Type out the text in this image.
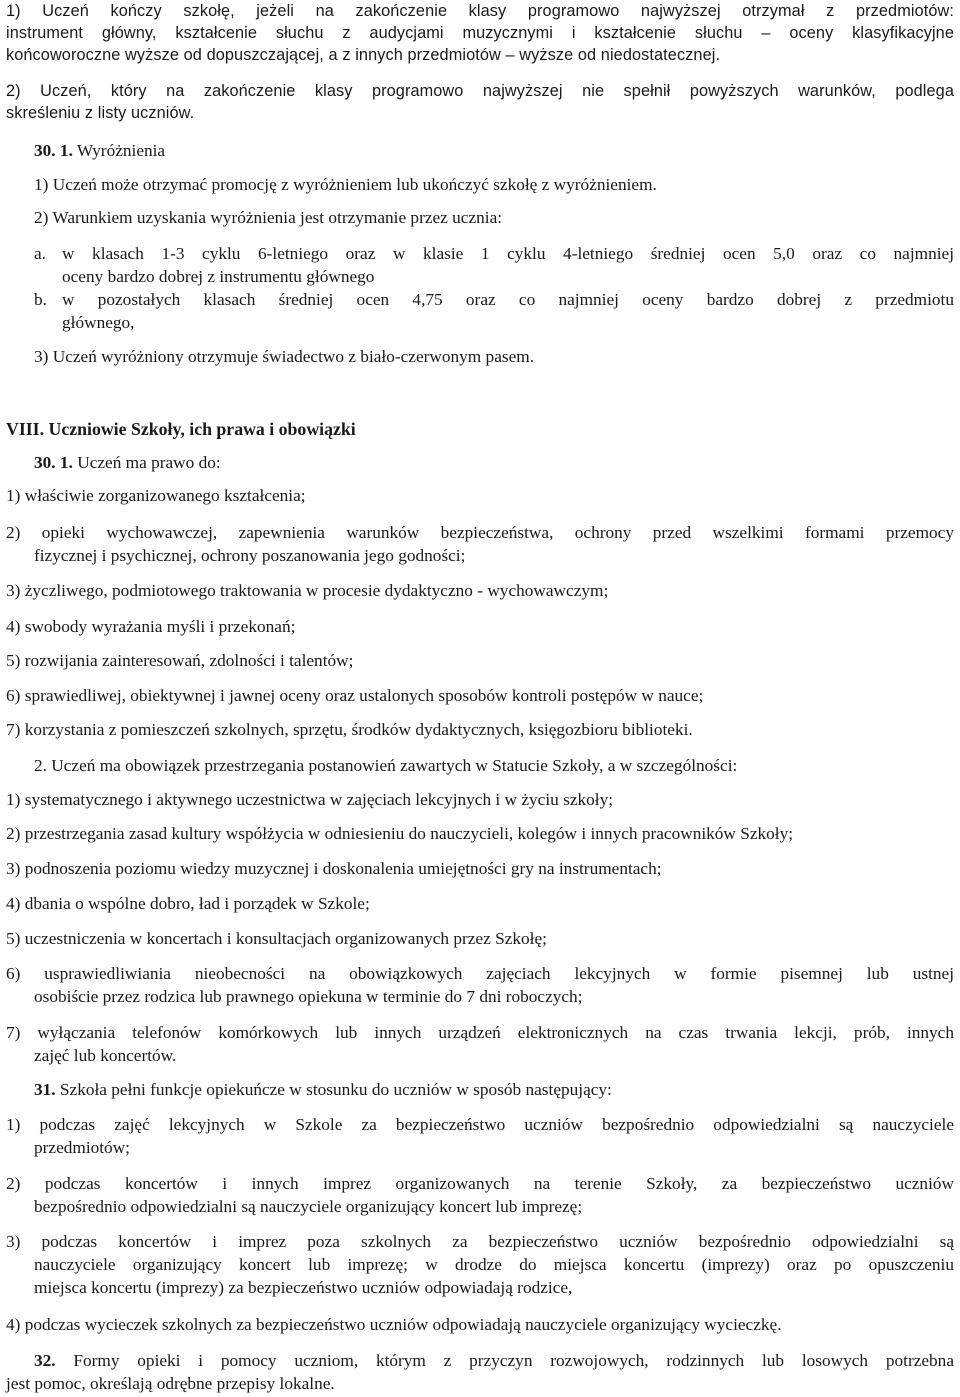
1) Uczeń kończy szkołę, jeżeli na zakończenie klasy programowo najwyższej otrzymał z przedmiotów:
instrument główny, kształcenie słuchu z audycjami muzycznymi i kształcenie słuchu – oceny klasyfikacyjne
końcoworoczne wyższe od dopuszczającej, a z innych przedmiotów – wyższe od niedostatecznej.
2) Uczeń, który na zakończenie klasy programowo najwyższej nie spełnił powyższych warunków, podlega
skreśleniu z listy uczniów.
30. 1. Wyróżnienia
1) Uczeń może otrzymać promocję z wyróżnieniem lub ukończyć szkołę z wyróżnieniem.
2) Warunkiem uzyskania wyróżnienia jest otrzymanie przez ucznia:
a. w klasach 1-3 cyklu 6-letniego oraz w klasie 1 cyklu 4-letniego średniej ocen 5,0 oraz co najmniej
oceny bardzo dobrej z instrumentu głównego
b. w pozostałych klasach średniej ocen 4,75 oraz co najmniej oceny bardzo dobrej z przedmiotu
głównego,
3) Uczeń wyróżniony otrzymuje świadectwo z biało-czerwonym pasem.
VIII. Uczniowie Szkoły, ich prawa i obowiązki
30. 1. Uczeń ma prawo do:
1) właściwie zorganizowanego kształcenia;
2) opieki wychowawczej, zapewnienia warunków bezpieczeństwa, ochrony przed wszelkimi formami przemocy
fizycznej i psychicznej, ochrony poszanowania jego godności;
3) życzliwego, podmiotowego traktowania w procesie dydaktyczno - wychowawczym;
4) swobody wyrażania myśli i przekonań;
5) rozwijania zainteresowań, zdolności i talentów;
6) sprawiedliwej, obiektywnej i jawnej oceny oraz ustalonych sposobów kontroli postępów w nauce;
7) korzystania z pomieszczeń szkolnych, sprzętu, środków dydaktycznych, księgozbioru biblioteki.
2. Uczeń ma obowiązek przestrzegania postanowień zawartych w Statucie Szkoły, a w szczególności:
1) systematycznego i aktywnego uczestnictwa w zajęciach lekcyjnych i w życiu szkoły;
2) przestrzegania zasad kultury współżycia w odniesieniu do nauczycieli, kolegów i innych pracowników Szkoły;
3) podnoszenia poziomu wiedzy muzycznej i doskonalenia umiejętności gry na instrumentach;
4) dbania o wspólne dobro, ład i porządek w Szkole;
5) uczestniczenia w koncertach i konsultacjach organizowanych przez Szkołę;
6) usprawiedliwiania nieobecności na obowiązkowych zajęciach lekcyjnych w formie pisemnej lub ustnej
osobiście przez rodzica lub prawnego opiekuna w terminie do 7 dni roboczych;
7) wyłączania telefonów komórkowych lub innych urządzeń elektronicznych na czas trwania lekcji, prób, innych
zajęć lub koncertów.
31. Szkoła pełni funkcje opiekuńcze w stosunku do uczniów w sposób następujący:
1) podczas zajęć lekcyjnych w Szkole za bezpieczeństwo uczniów bezpośrednio odpowiedzialni są nauczyciele
przedmiotów;
2) podczas koncertów i innych imprez organizowanych na terenie Szkoły, za bezpieczeństwo uczniów
bezpośrednio odpowiedzialni są nauczyciele organizujący koncert lub imprezę;
3) podczas koncertów i imprez poza szkolnych za bezpieczeństwo uczniów bezpośrednio odpowiedzialni są
nauczyciele organizujący koncert lub imprezę; w drodze do miejsca koncertu (imprezy) oraz po opuszczeniu
miejsca koncertu (imprezy) za bezpieczeństwo uczniów odpowiadają rodzice,
4) podczas wycieczek szkolnych za bezpieczeństwo uczniów odpowiadają nauczyciele organizujący wycieczkę.
32. Formy opieki i pomocy uczniom, którym z przyczyn rozwojowych, rodzinnych lub losowych potrzebna
jest pomoc, określają odrębne przepisy lokalne.
